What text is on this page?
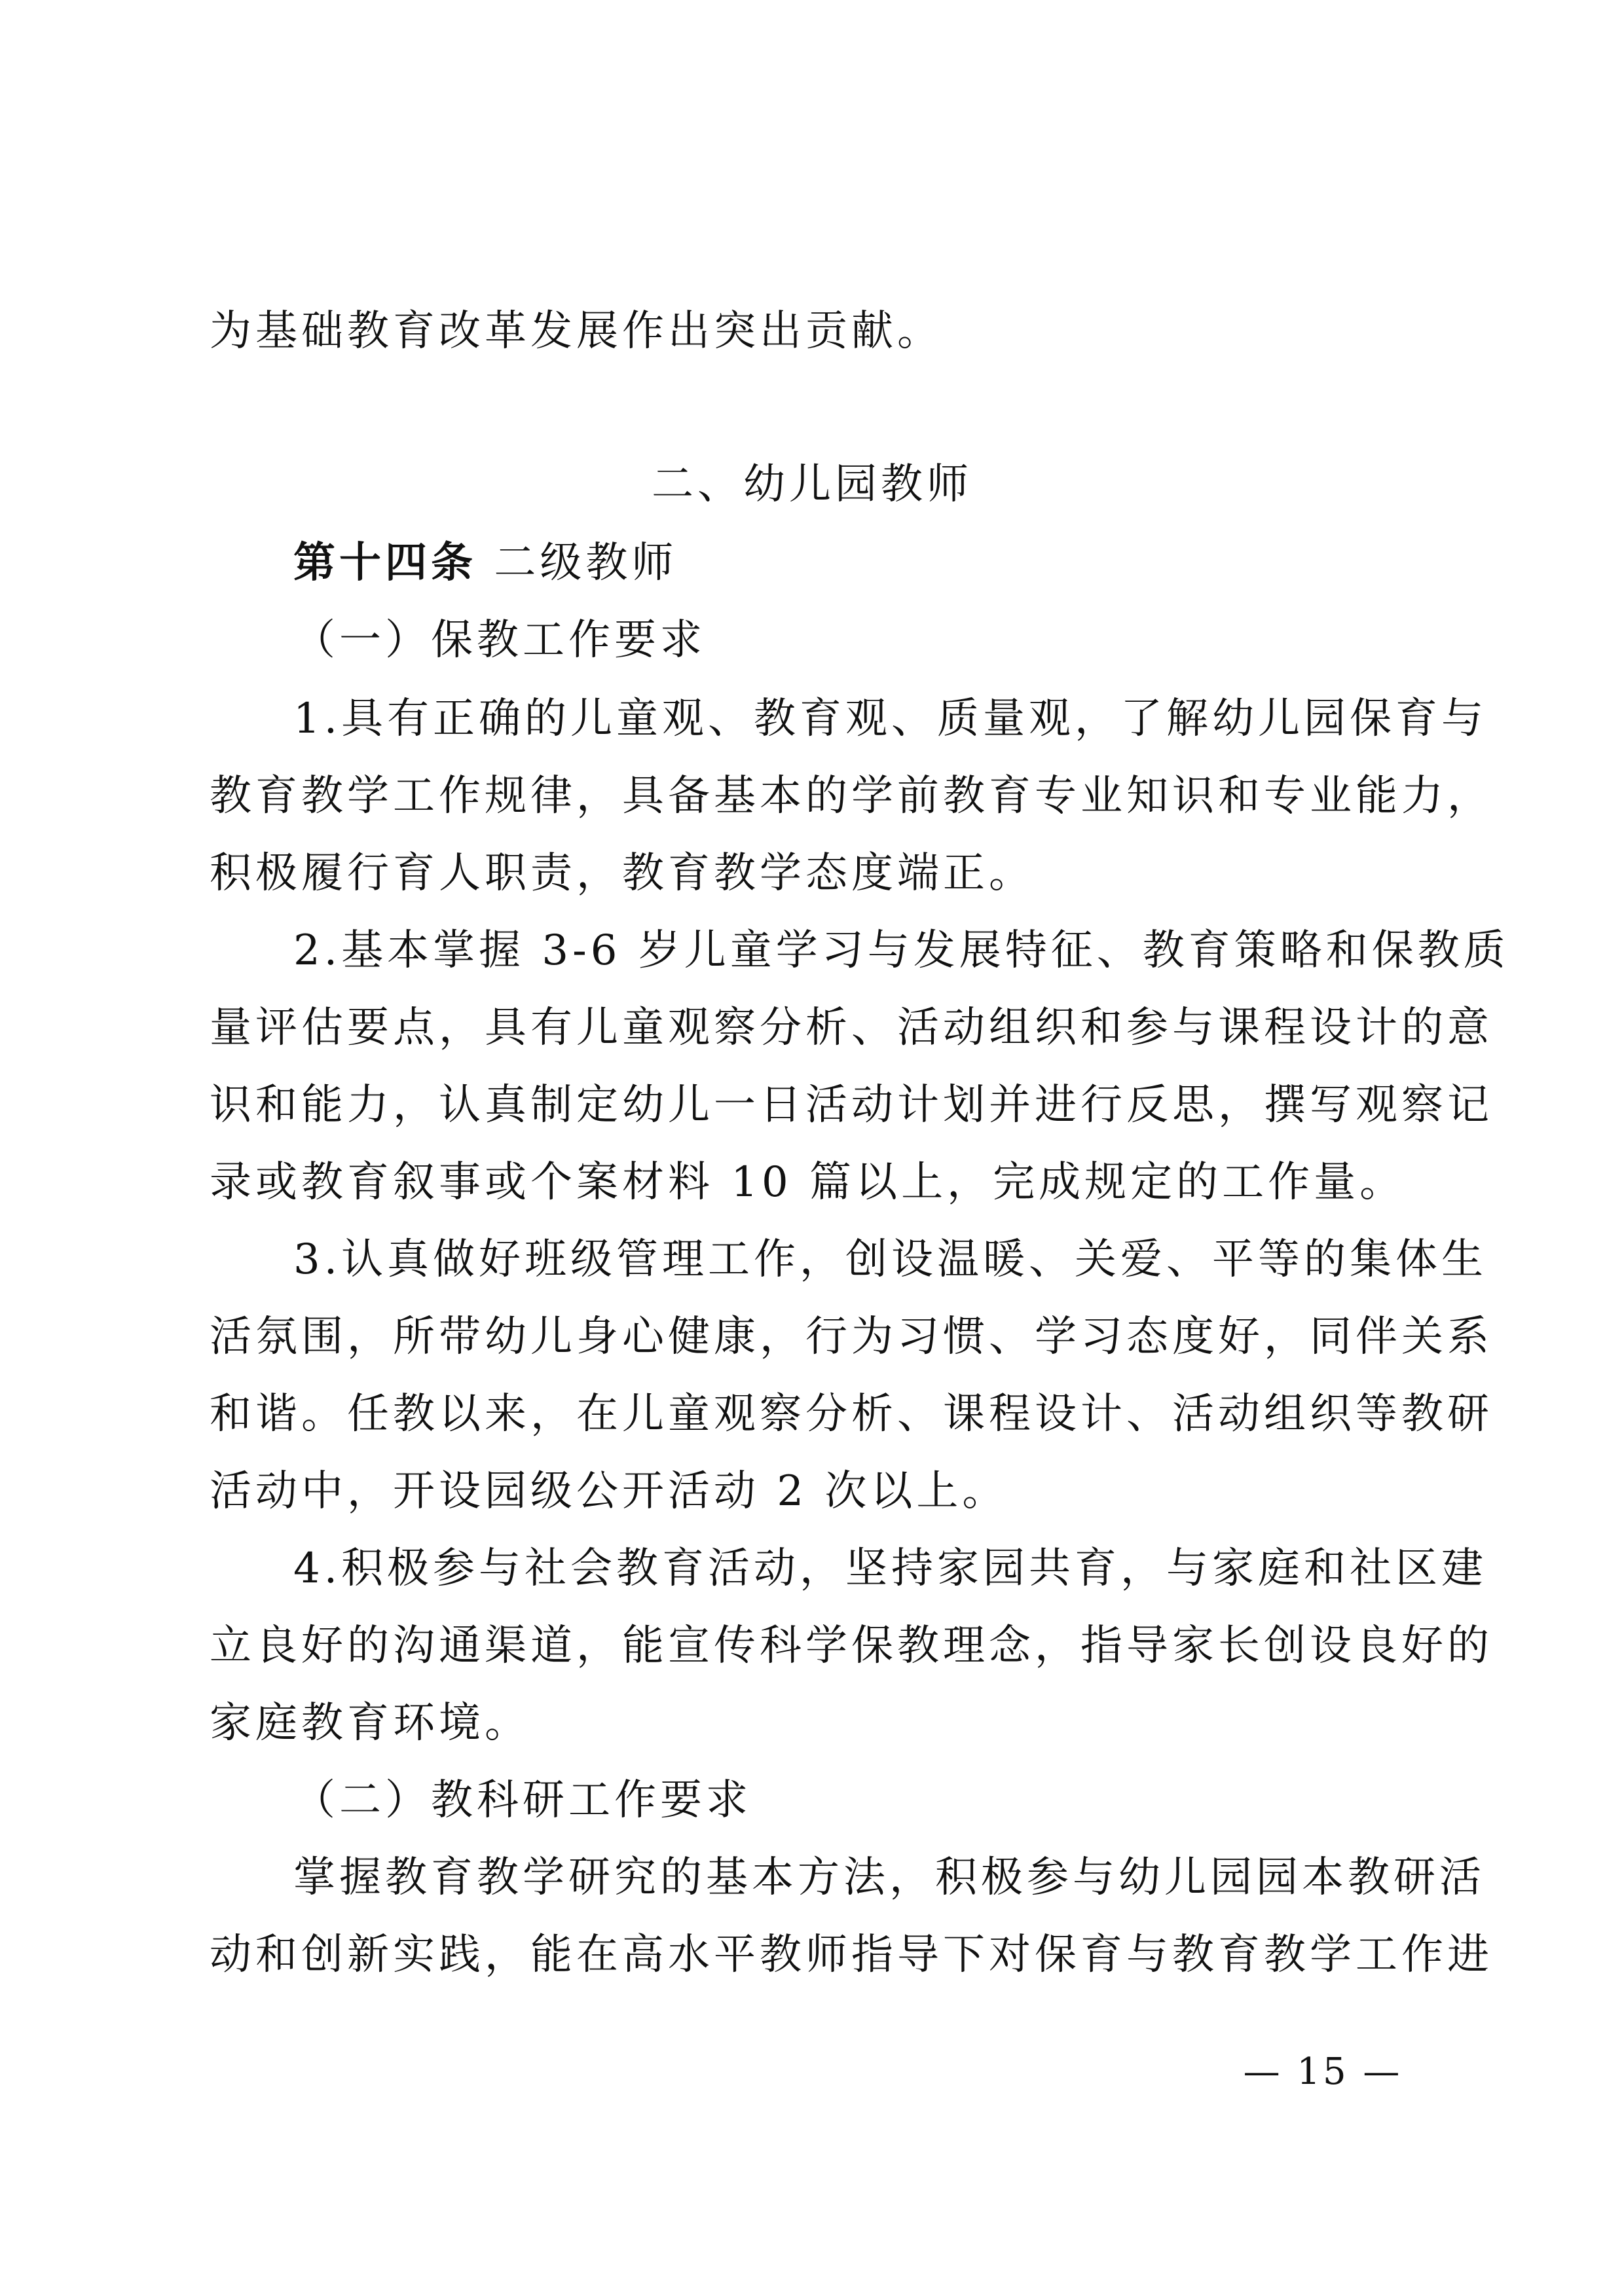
为基础教育改革发展作出突出贡献。
二、幼儿园教师
第十四条 二级教师
（一）保教工作要求
1.具有正确的儿童观、教育观、质量观，了解幼儿园保育与
教育教学工作规律，具备基本的学前教育专业知识和专业能力，
积极履行育人职责，教育教学态度端正。
2.基本掌握 3-6 岁儿童学习与发展特征、教育策略和保教质
量评估要点，具有儿童观察分析、活动组织和参与课程设计的意
识和能力，认真制定幼儿一日活动计划并进行反思，撰写观察记
录或教育叙事或个案材料 10 篇以上，完成规定的工作量。
3.认真做好班级管理工作，创设温暖、关爱、平等的集体生
活氛围，所带幼儿身心健康，行为习惯、学习态度好，同伴关系
和谐。任教以来，在儿童观察分析、课程设计、活动组织等教研
活动中，开设园级公开活动 2 次以上。
4.积极参与社会教育活动，坚持家园共育，与家庭和社区建
立良好的沟通渠道，能宣传科学保教理念，指导家长创设良好的
家庭教育环境。
（二）教科研工作要求
掌握教育教学研究的基本方法，积极参与幼儿园园本教研活
动和创新实践，能在高水平教师指导下对保育与教育教学工作进
— 15 —
